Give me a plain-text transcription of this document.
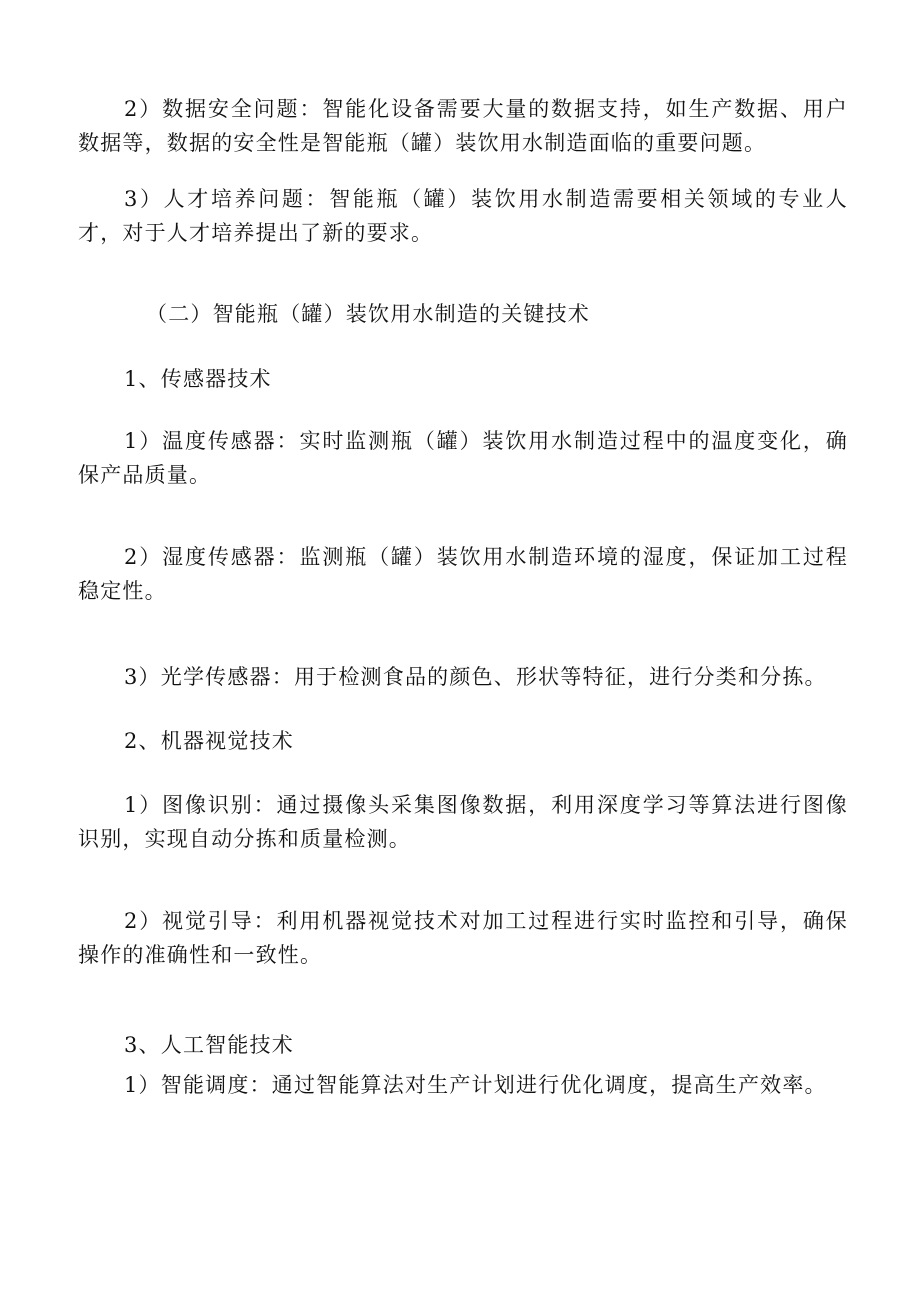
2）数据安全问题：智能化设备需要大量的数据支持，如生产数据、用户数据等，数据的安全性是智能瓶（罐）装饮用水制造面临的重要问题。

3）人才培养问题：智能瓶（罐）装饮用水制造需要相关领域的专业人才，对于人才培养提出了新的要求。

（二）智能瓶（罐）装饮用水制造的关键技术

1、传感器技术

1）温度传感器：实时监测瓶（罐）装饮用水制造过程中的温度变化，确保产品质量。

2）湿度传感器：监测瓶（罐）装饮用水制造环境的湿度，保证加工过程稳定性。

3）光学传感器：用于检测食品的颜色、形状等特征，进行分类和分拣。

2、机器视觉技术

1）图像识别：通过摄像头采集图像数据，利用深度学习等算法进行图像识别，实现自动分拣和质量检测。

2）视觉引导：利用机器视觉技术对加工过程进行实时监控和引导，确保操作的准确性和一致性。

3、人工智能技术

1）智能调度：通过智能算法对生产计划进行优化调度，提高生产效率。
